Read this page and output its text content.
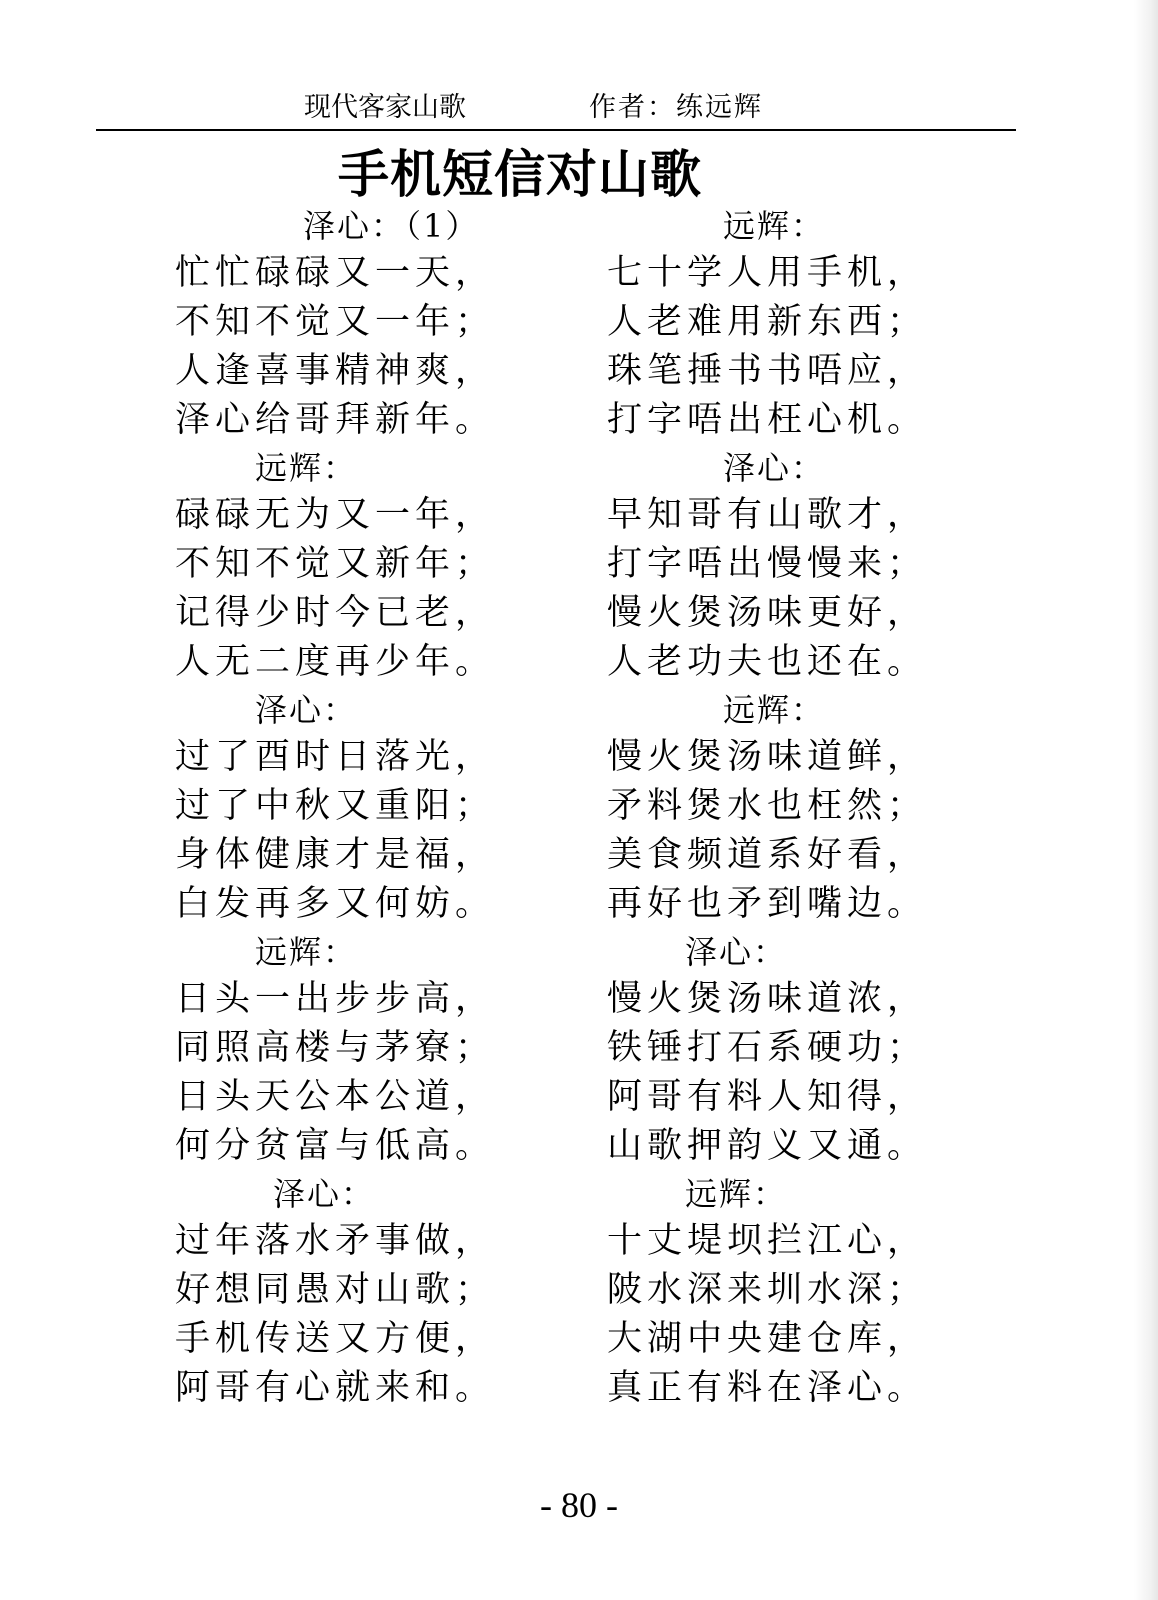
现代客家山歌	作者：练远辉
手机短信对山歌
泽心：（1）
忙忙碌碌又一天，
不知不觉又一年；
人逢喜事精神爽，
泽心给哥拜新年。
远辉：
碌碌无为又一年，
不知不觉又新年；
记得少时今已老，
人无二度再少年。
泽心：
过了酉时日落光，
过了中秋又重阳；
身体健康才是福，
白发再多又何妨。
远辉：
日头一出步步高，
同照高楼与茅寮；
日头天公本公道，
何分贫富与低高。
泽心：
过年落水矛事做，
好想同愚对山歌；
手机传送又方便，
阿哥有心就来和。
远辉：
七十学人用手机，
人老难用新东西；
珠笔捶书书唔应，
打字唔出枉心机。
泽心：
早知哥有山歌才，
打字唔出慢慢来；
慢火煲汤味更好，
人老功夫也还在。
远辉：
慢火煲汤味道鲜，
矛料煲水也枉然；
美食频道系好看，
再好也矛到嘴边。
泽心：
慢火煲汤味道浓，
铁锤打石系硬功；
阿哥有料人知得，
山歌押韵义又通。
远辉：
十丈堤坝拦江心，
陂水深来圳水深；
大湖中央建仓库，
真正有料在泽心。
- 80 -
